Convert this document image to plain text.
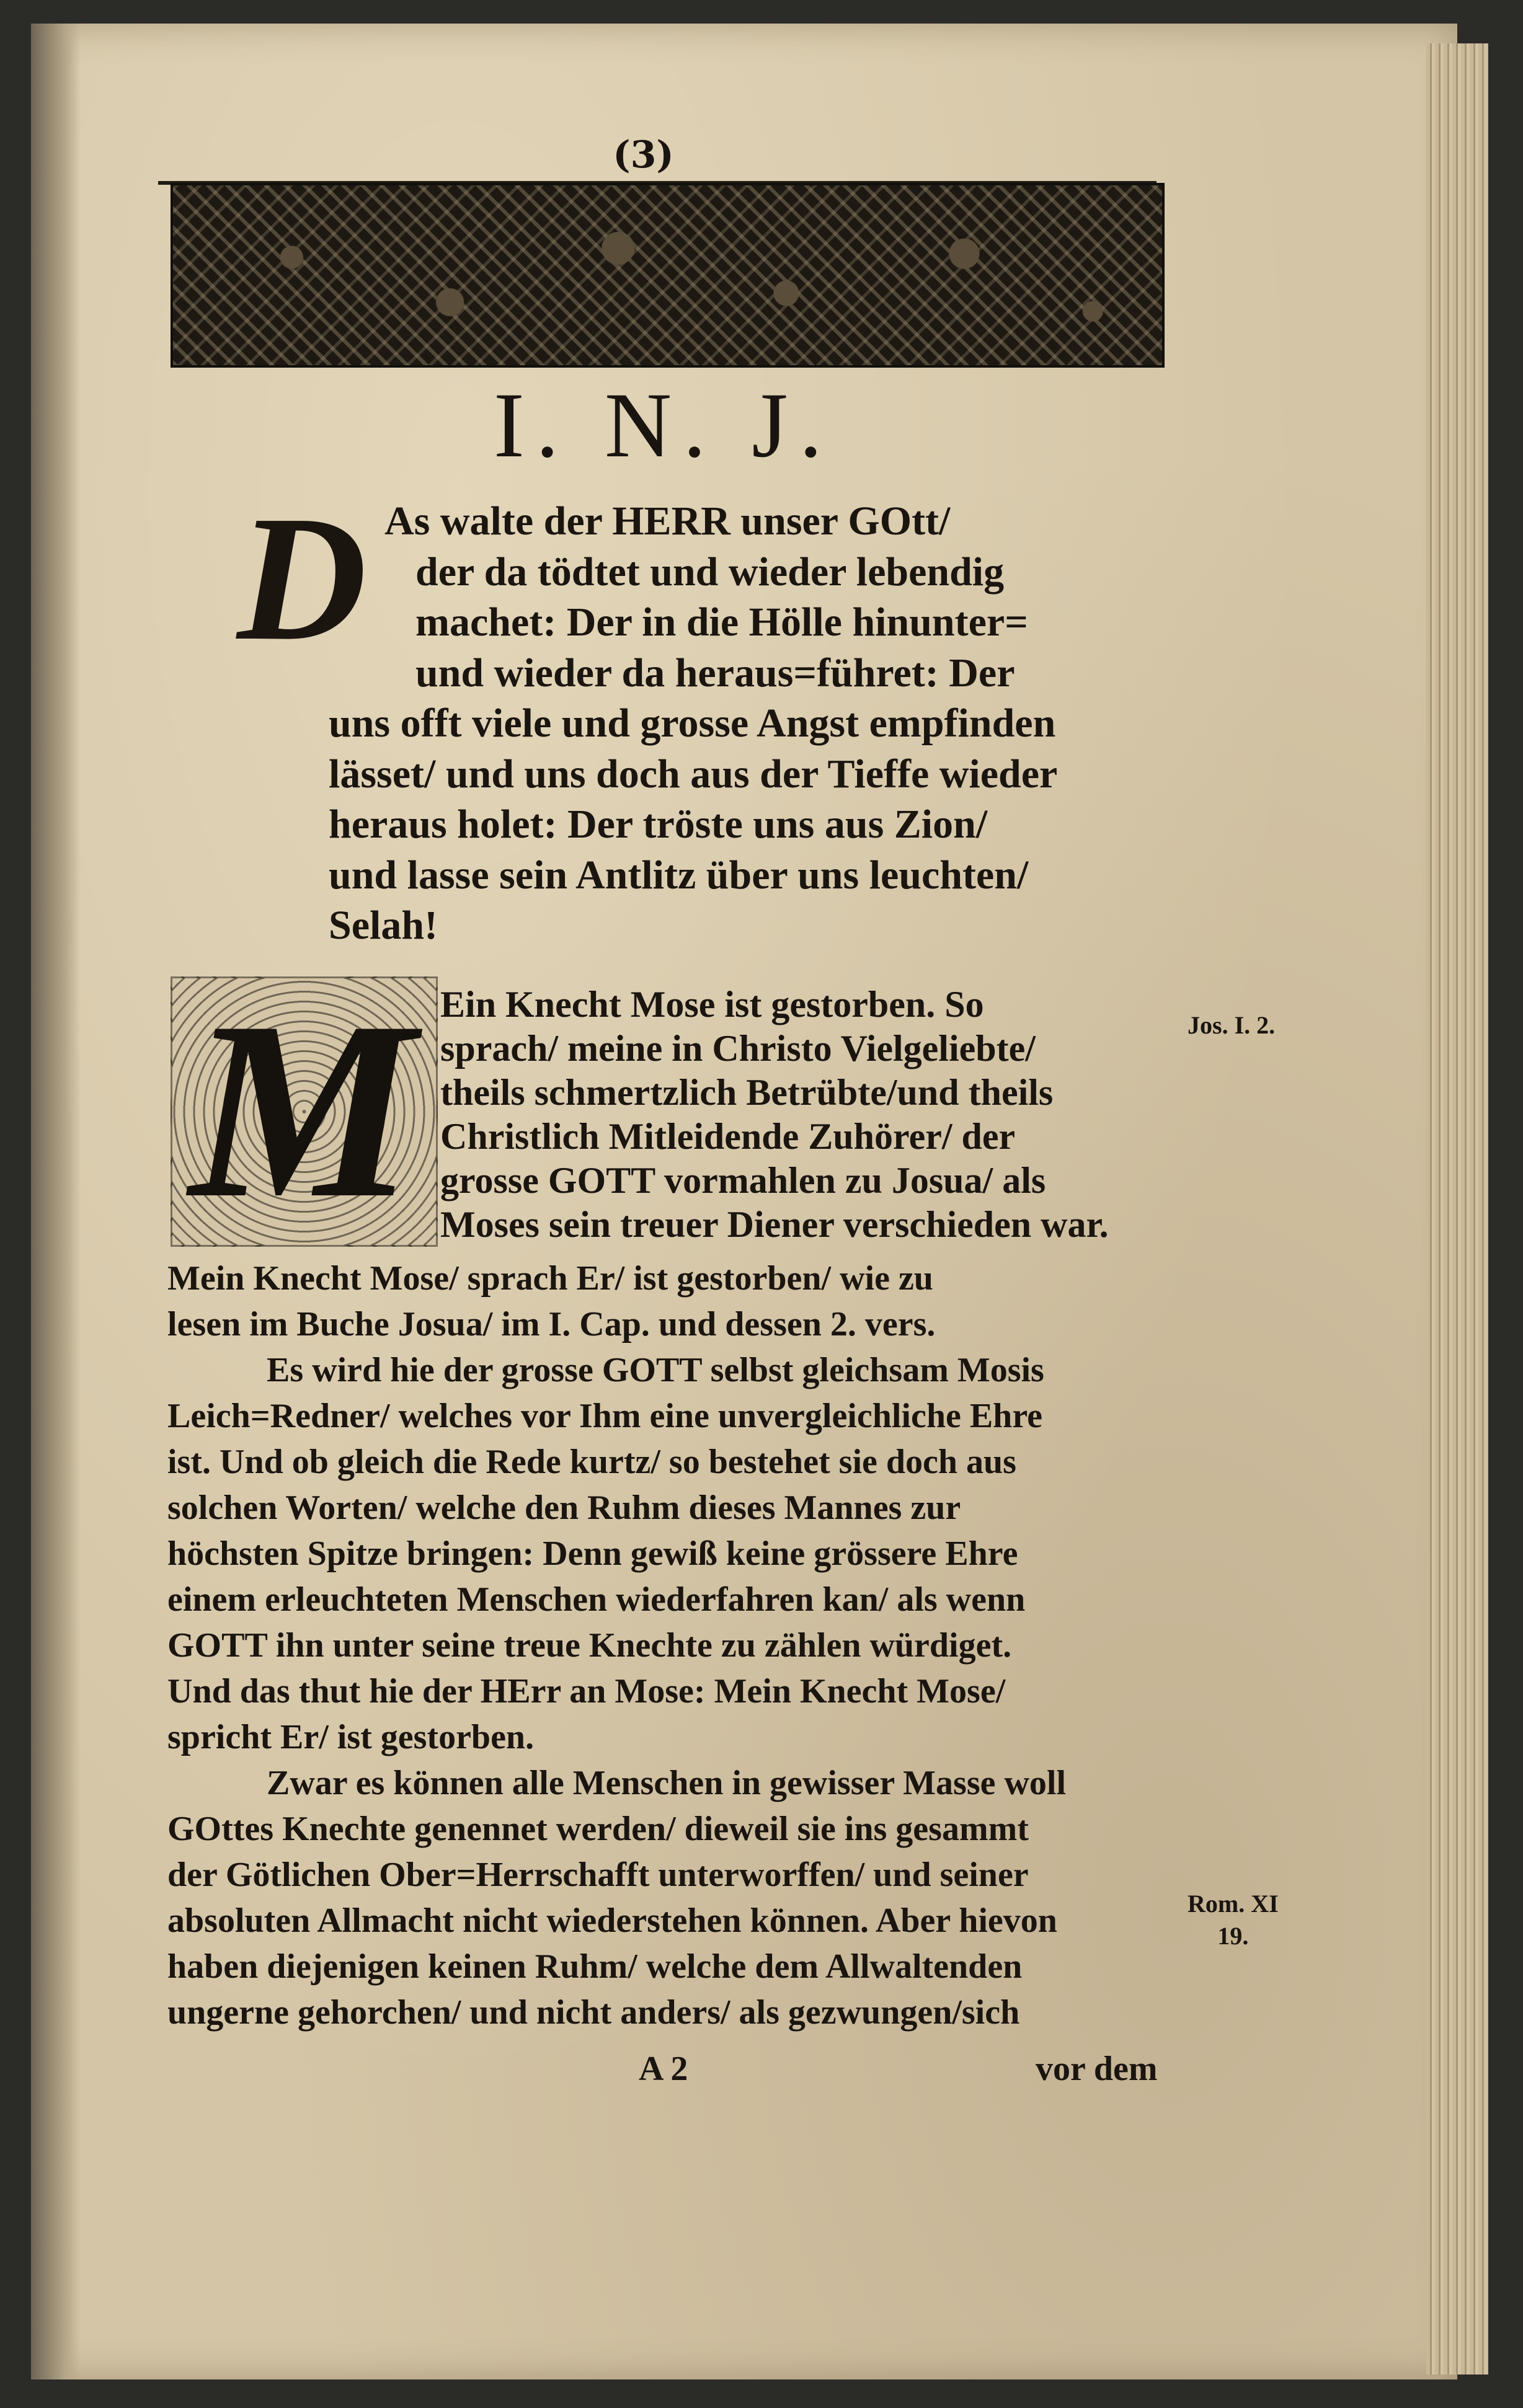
(3)
I. N. J.
D As walte der HERR unser GOtt/
der da tödtet und wieder lebendig
machet: Der in die Hölle hinunter=
und wieder da heraus=führet: Der
uns offt viele und grosse Angst empfinden
lässet/ und uns doch aus der Tieffe wieder
heraus holet: Der tröste uns aus Zion/
und lasse sein Antlitz über uns leuchten/
Selah!
M Ein Knecht Mose ist gestorben. So
sprach/ meine in Christo Vielgeliebte/
theils schmertzlich Betrübte/und theils
Christlich Mitleidende Zuhörer/ der
grosse GOTT vormahlen zu Josua/ als
Moses sein treuer Diener verschieden war.
Jos. I. 2.
Mein Knecht Mose/ sprach Er/ ist gestorben/ wie zu
lesen im Buche Josua/ im I. Cap. und dessen 2. vers.
Es wird hie der grosse GOTT selbst gleichsam Mosis
Leich=Redner/ welches vor Ihm eine unvergleichliche Ehre
ist. Und ob gleich die Rede kurtz/ so bestehet sie doch aus
solchen Worten/ welche den Ruhm dieses Mannes zur
höchsten Spitze bringen: Denn gewiß keine grössere Ehre
einem erleuchteten Menschen wiederfahren kan/ als wenn
GOTT ihn unter seine treue Knechte zu zählen würdiget.
Und das thut hie der HErr an Mose: Mein Knecht Mose/
spricht Er/ ist gestorben.
Zwar es können alle Menschen in gewisser Masse woll
GOttes Knechte genennet werden/ dieweil sie ins gesammt
der Götlichen Ober=Herrschafft unterworffen/ und seiner
absoluten Allmacht nicht wiederstehen können. Aber hievon
haben diejenigen keinen Ruhm/ welche dem Allwaltenden
ungerne gehorchen/ und nicht anders/ als gezwungen/sich
Rom. XI
19.
A 2	vor dem
